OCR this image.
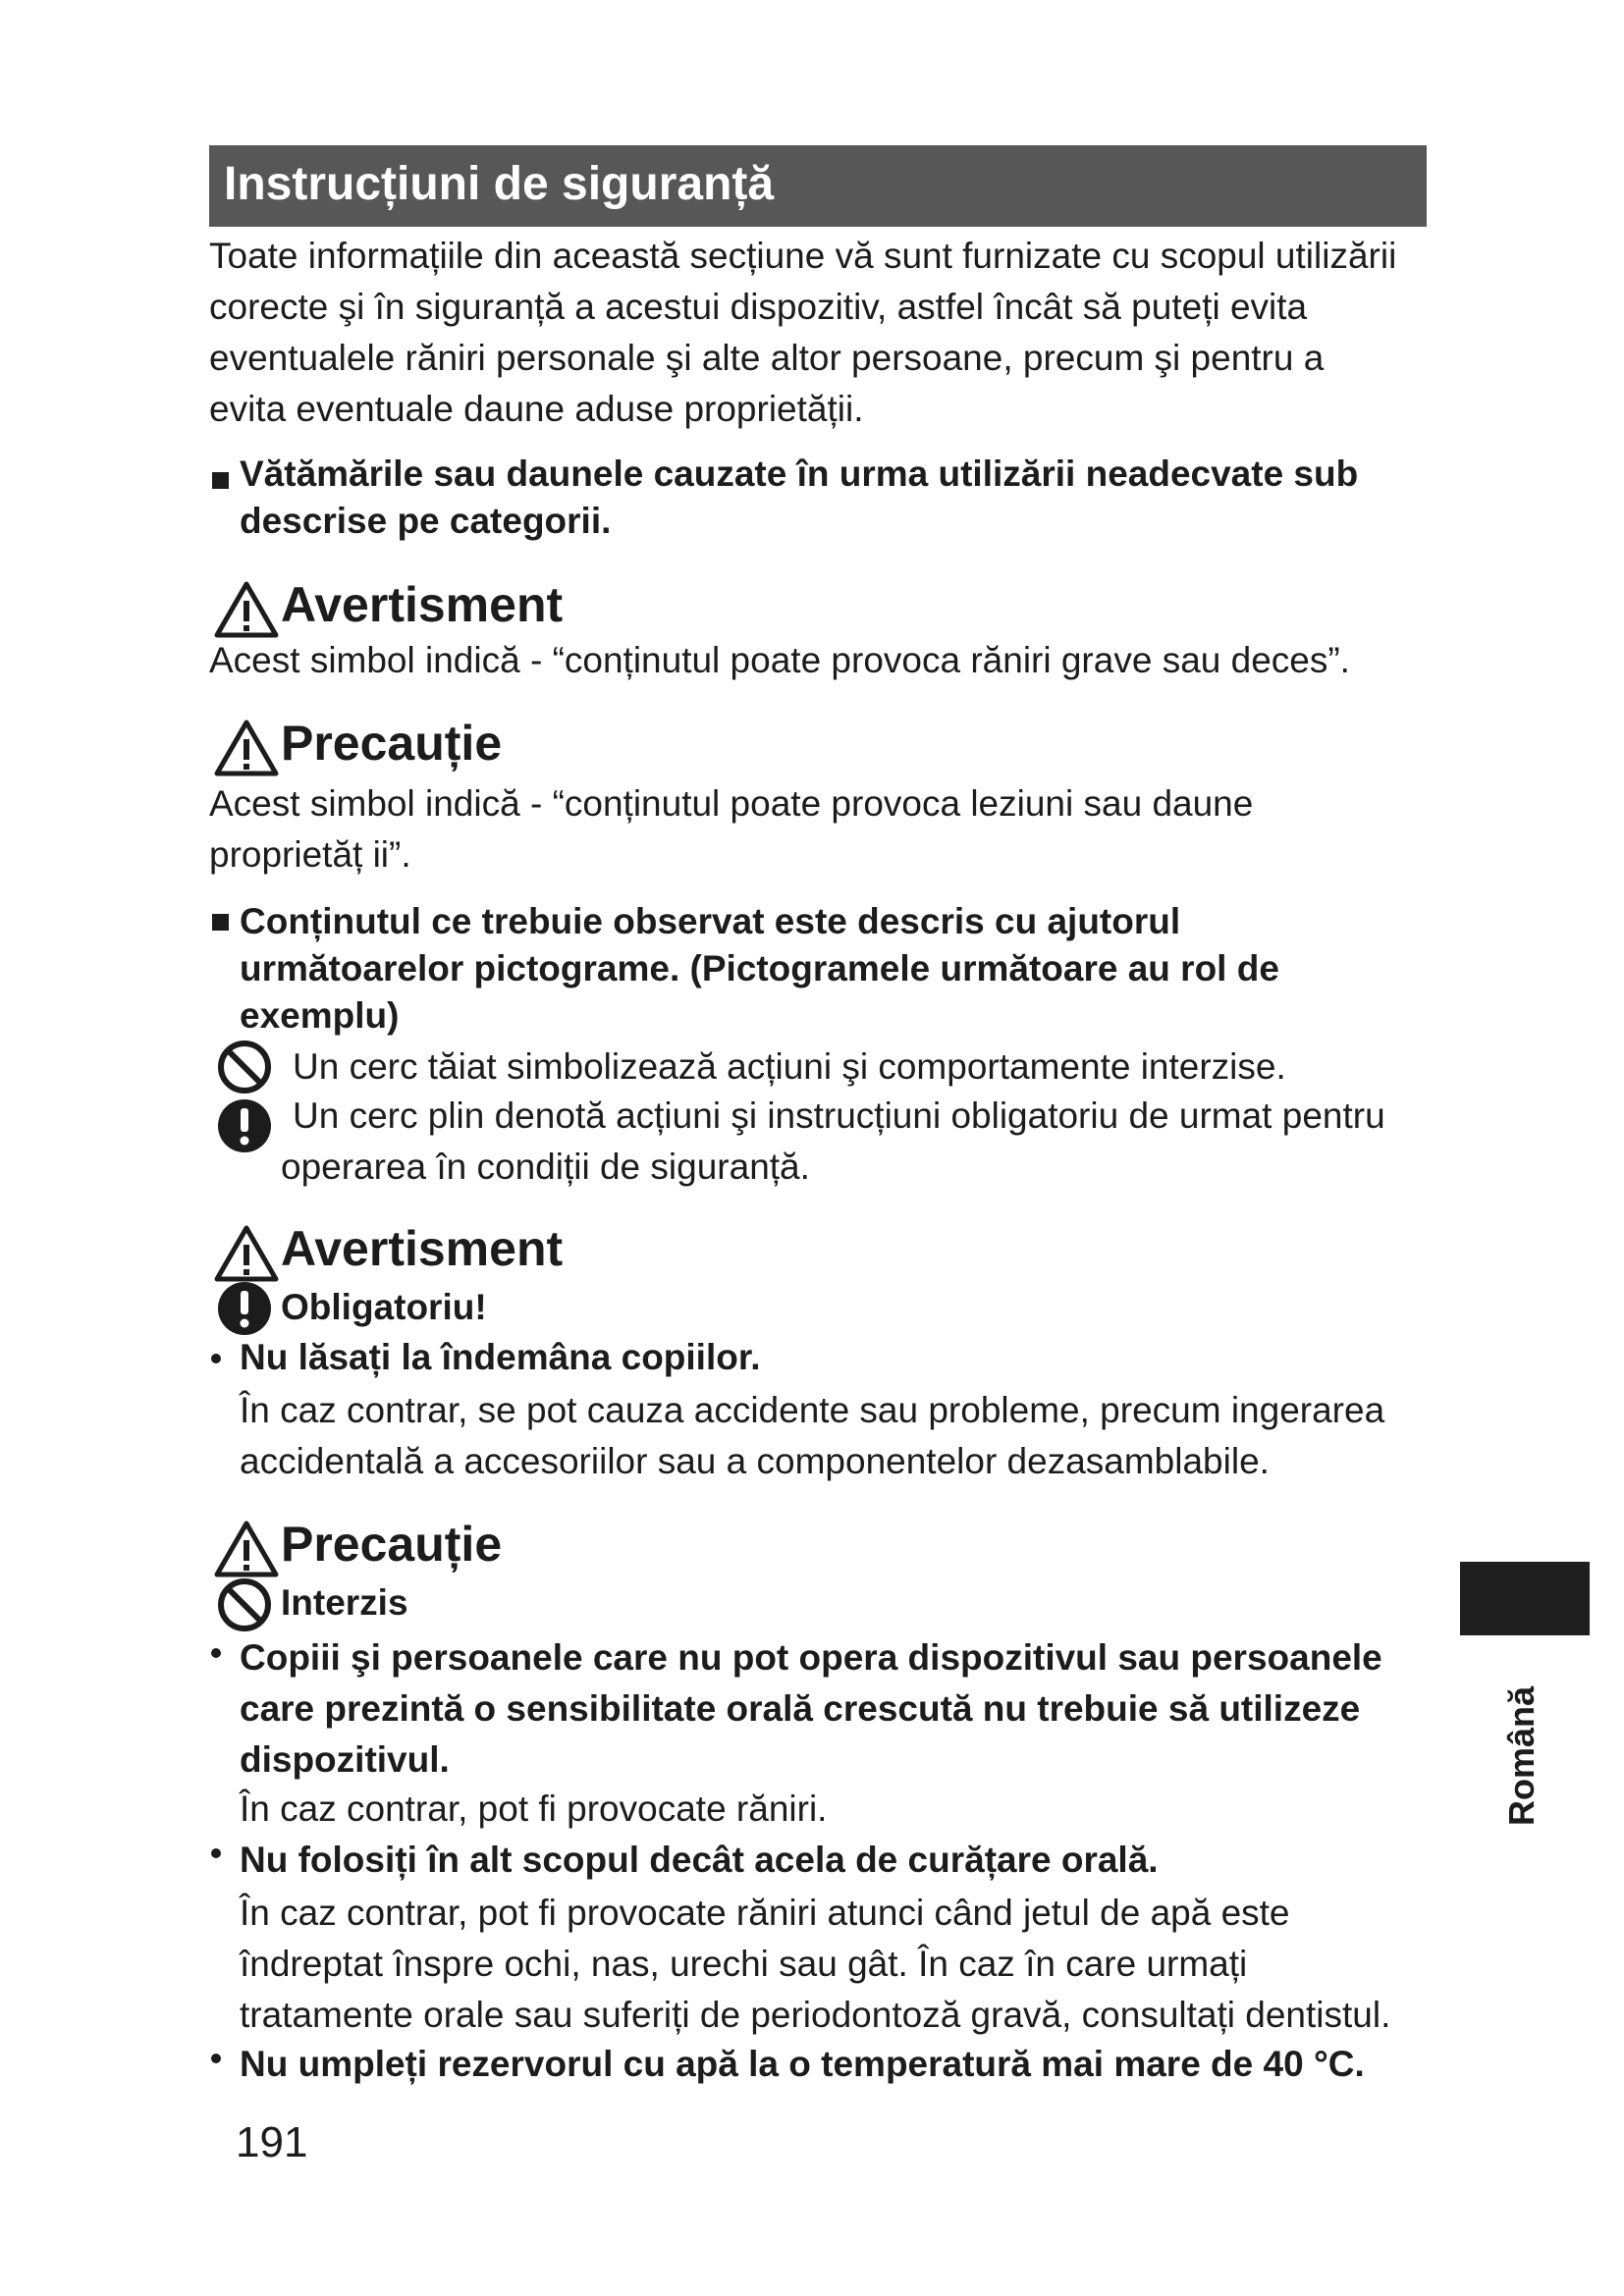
Instrucțiuni de siguranță
Toate informațiile din această secțiune vă sunt furnizate cu scopul utilizării
corecte şi în siguranță a acestui dispozitiv, astfel încât să puteți evita
eventualele răniri personale şi alte altor persoane, precum şi pentru a
evita eventuale daune aduse proprietății.
Vătămările sau daunele cauzate în urma utilizării neadecvate sub
descrise pe categorii.
Avertisment
Acest simbol indică - “conținutul poate provoca răniri grave sau deces”.
Precauție
Acest simbol indică - “conținutul poate provoca leziuni sau daune
proprietăț ii”.
Conținutul ce trebuie observat este descris cu ajutorul
următoarelor pictograme. (Pictogramele următoare au rol de
exemplu)
Un cerc tăiat simbolizează acțiuni şi comportamente interzise.
Un cerc plin denotă acțiuni şi instrucțiuni obligatoriu de urmat pentru
operarea în condiții de siguranță.
Avertisment
Obligatoriu!
Nu lăsați la îndemâna copiilor.
În caz contrar, se pot cauza accidente sau probleme, precum ingerarea
accidentală a accesoriilor sau a componentelor dezasamblabile.
Precauție
Interzis
Copiii şi persoanele care nu pot opera dispozitivul sau persoanele
care prezintă o sensibilitate orală crescută nu trebuie să utilizeze
dispozitivul.
În caz contrar, pot fi provocate răniri.
Nu folosiți în alt scopul decât acela de curățare orală.
În caz contrar, pot fi provocate răniri atunci când jetul de apă este
îndreptat înspre ochi, nas, urechi sau gât. În caz în care urmați
tratamente orale sau suferiți de periodontoză gravă, consultați dentistul.
Nu umpleți rezervorul cu apă la o temperatură mai mare de 40 °C.
Română
191
